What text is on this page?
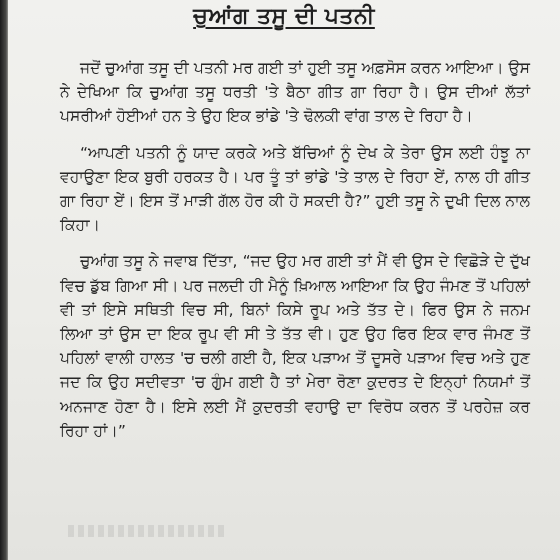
ਚੁਆਂਗ ਤਸੂ ਦੀ ਪਤਨੀ

ਜਦੋਂ ਚੁਆਂਗ ਤਸੂ ਦੀ ਪਤਨੀ ਮਰ ਗਈ ਤਾਂ ਹੁਈ ਤਸੂ ਅਫ਼ਸੋਸ ਕਰਨ ਆਇਆ। ਉਸ ਨੇ ਦੇਖਿਆ ਕਿ ਚੁਆਂਗ ਤਸੂ ਧਰਤੀ 'ਤੇ ਬੈਠਾ ਗੀਤ ਗਾ ਰਿਹਾ ਹੈ। ਉਸ ਦੀਆਂ ਲੱਤਾਂ ਪਸਰੀਆਂ ਹੋਈਆਂ ਹਨ ਤੇ ਉਹ ਇਕ ਭਾਂਡੇ 'ਤੇ ਢੋਲਕੀ ਵਾਂਗ ਤਾਲ ਦੇ ਰਿਹਾ ਹੈ।

“ਆਪਣੀ ਪਤਨੀ ਨੂੰ ਯਾਦ ਕਰਕੇ ਅਤੇ ਬੱਚਿਆਂ ਨੂੰ ਦੇਖ ਕੇ ਤੇਰਾ ਉਸ ਲਈ ਹੰਝੂ ਨਾ ਵਹਾਉਣਾ ਇਕ ਬੁਰੀ ਹਰਕਤ ਹੈ। ਪਰ ਤੂੰ ਤਾਂ ਭਾਂਡੇ 'ਤੇ ਤਾਲ ਦੇ ਰਿਹਾ ਏਂ, ਨਾਲ ਹੀ ਗੀਤ ਗਾ ਰਿਹਾ ਏਂ। ਇਸ ਤੋਂ ਮਾੜੀ ਗੱਲ ਹੋਰ ਕੀ ਹੋ ਸਕਦੀ ਹੈ?” ਹੁਈ ਤਸੂ ਨੇ ਦੁਖੀ ਦਿਲ ਨਾਲ ਕਿਹਾ।

ਚੁਆਂਗ ਤਸੂ ਨੇ ਜਵਾਬ ਦਿੱਤਾ, “ਜਦ ਉਹ ਮਰ ਗਈ ਤਾਂ ਮੈਂ ਵੀ ਉਸ ਦੇ ਵਿਛੋੜੇ ਦੇ ਦੁੱਖ ਵਿਚ ਡੁੱਬ ਗਿਆ ਸੀ। ਪਰ ਜਲਦੀ ਹੀ ਮੈਨੂੰ ਖ਼ਿਆਲ ਆਇਆ ਕਿ ਉਹ ਜੰਮਣ ਤੋਂ ਪਹਿਲਾਂ ਵੀ ਤਾਂ ਇਸੇ ਸਥਿਤੀ ਵਿਚ ਸੀ, ਬਿਨਾਂ ਕਿਸੇ ਰੂਪ ਅਤੇ ਤੱਤ ਦੇ। ਫਿਰ ਉਸ ਨੇ ਜਨਮ ਲਿਆ ਤਾਂ ਉਸ ਦਾ ਇਕ ਰੂਪ ਵੀ ਸੀ ਤੇ ਤੱਤ ਵੀ। ਹੁਣ ਉਹ ਫਿਰ ਇਕ ਵਾਰ ਜੰਮਣ ਤੋਂ ਪਹਿਲਾਂ ਵਾਲੀ ਹਾਲਤ 'ਚ ਚਲੀ ਗਈ ਹੈ, ਇਕ ਪੜਾਅ ਤੋਂ ਦੂਸਰੇ ਪੜਾਅ ਵਿਚ ਅਤੇ ਹੁਣ ਜਦ ਕਿ ਉਹ ਸਦੀਵਤਾ 'ਚ ਗੁੰਮ ਗਈ ਹੈ ਤਾਂ ਮੇਰਾ ਰੋਣਾ ਕੁਦਰਤ ਦੇ ਇਨ੍ਹਾਂ ਨਿਯਮਾਂ ਤੋਂ ਅਨਜਾਣ ਹੋਣਾ ਹੈ। ਇਸੇ ਲਈ ਮੈਂ ਕੁਦਰਤੀ ਵਹਾਉ ਦਾ ਵਿਰੋਧ ਕਰਨ ਤੋਂ ਪਰਹੇਜ਼ ਕਰ ਰਿਹਾ ਹਾਂ।”
